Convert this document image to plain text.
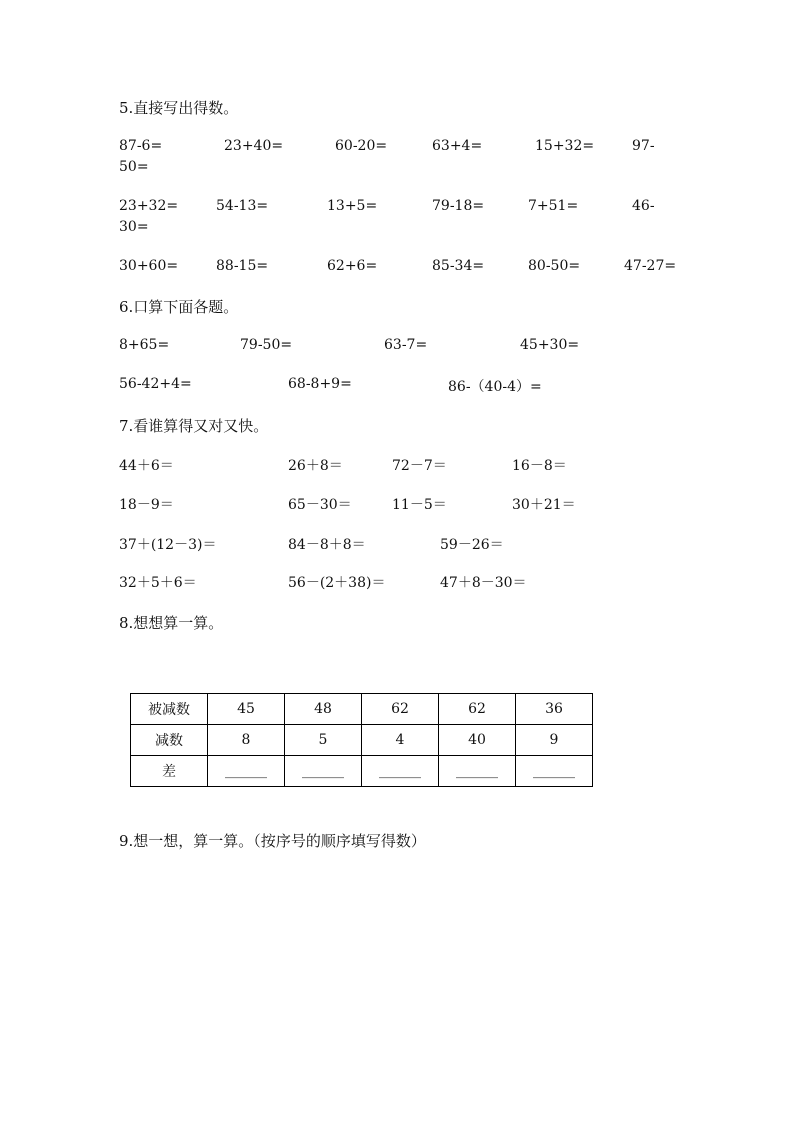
5.直接写出得数。
87-6=	23+40=	60-20=	63+4=	15+32=	97-
50=
23+32=	54-13=	13+5=	79-18=	7+51=	46-
30=
30+60=	88-15=	62+6=	85-34=	80-50=	47-27=
6.口算下面各题。
8+65=	79-50=	63-7=	45+30=
56-42+4=	68-8+9=	86-（40-4）=
7.看谁算得又对又快。
44＋6＝	26＋8＝	72－7＝	16－8＝
18－9＝	65－30＝	11－5＝	30＋21＝
37＋(12－3)＝	84－8＋8＝	59－26＝
32＋5＋6＝	56－(2＋38)＝	47＋8－30＝
8.想想算一算。
被减数	45	48	62	62	36
减数	8	5	4	40	9
差	______	______	______	______	______
9.想一想，算一算。（按序号的顺序填写得数）
